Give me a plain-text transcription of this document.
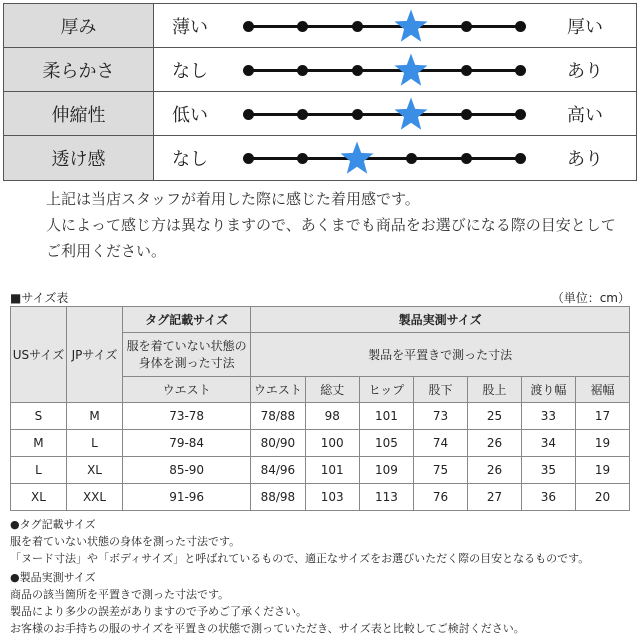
厚み	薄い	厚い
柔らかさ	なし	あり
伸縮性	低い	高い
透け感	なし	あり
上記は当店スタッフが着用した際に感じた着用感です。
人によって感じ方は異なりますので、あくまでも商品をお選びになる際の目安として
ご利用ください。
■サイズ表	（単位：cm）
USサイズ	JPサイズ	タグ記載サイズ	製品実測サイズ						
		服を着ていない状態の身体を測った寸法	製品を平置きで測った寸法						
		ウエスト	ウエスト	総丈	ヒップ	股下	股上	渡り幅	裾幅
S	M	73-78	78/88	98	101	73	25	33	17
M	L	79-84	80/90	100	105	74	26	34	19
L	XL	85-90	84/96	101	109	75	26	35	19
XL	XXL	91-96	88/98	103	113	76	27	36	20
●タグ記載サイズ
服を着ていない状態の身体を測った寸法です。
「ヌード寸法」や「ボディサイズ」と呼ばれているもので、適正なサイズをお選びいただく際の目安となるものです。
●製品実測サイズ
商品の該当箇所を平置きで測った寸法です。
製品により多少の誤差がありますので予めご了承ください。
お客様のお手持ちの服のサイズを平置きの状態で測っていただき、サイズ表と比較してご検討ください。
